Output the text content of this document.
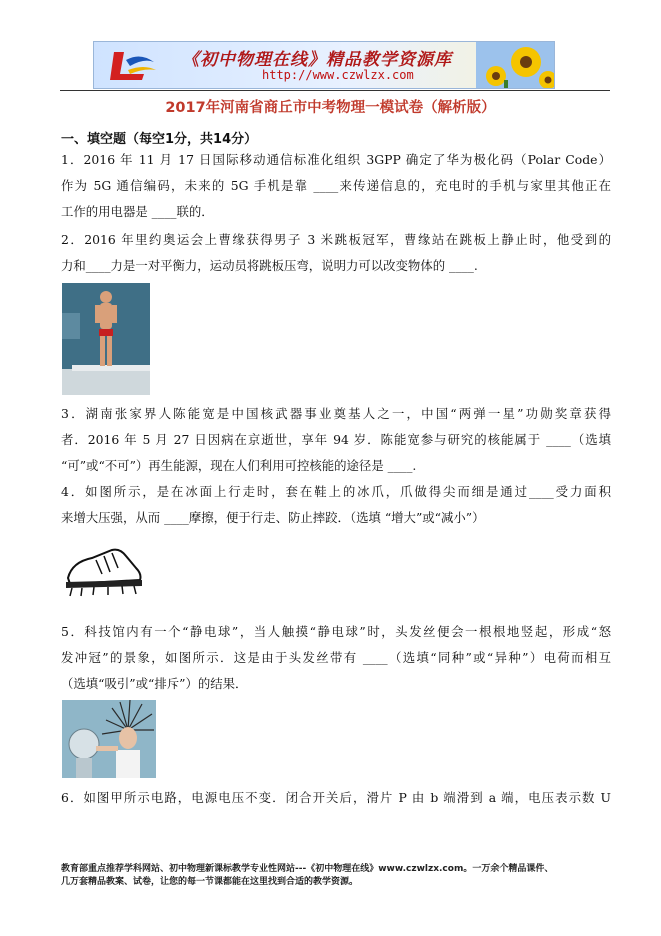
《初中物理在线》精品教学资源库
http://www.czwlzx.com
2017年河南省商丘市中考物理一模试卷（解析版）
一、填空题（每空1分，共14分）
1．2016 年 11 月 17 日国际移动通信标准化组织 3GPP 确定了华为极化码（Polar Code）
作为 5G 通信编码，未来的 5G 手机是靠 ____来传递信息的，充电时的手机与家里其他正在
工作的用电器是 ____联的．
2．2016 年里约奥运会上曹缘获得男子 3 米跳板冠军，曹缘站在跳板上静止时，他受到的
力和____力是一对平衡力，运动员将跳板压弯，说明力可以改变物体的 ____.
3．湖南张家界人陈能宽是中国核武器事业奠基人之一，中国“两弹一星”功勋奖章获得
者．2016 年 5 月 27 日因病在京逝世，享年 94 岁．陈能宽参与研究的核能属于 ____（选填
“可”或“不可”）再生能源，现在人们利用可控核能的途径是 ____.
4．如图所示，是在冰面上行走时，套在鞋上的冰爪，爪做得尖而细是通过____受力面积
来增大压强，从而 ____摩擦，便于行走、防止摔跤．（选填 “增大”或“减小”）
5．科技馆内有一个“静电球”，当人触摸“静电球”时，头发丝便会一根根地竖起，形成“怒
发冲冠”的景象，如图所示．这是由于头发丝带有 ____（选填“同种”或“异种”）电荷而相互
（选填“吸引”或“排斥”）的结果．
6．如图甲所示电路，电源电压不变．闭合开关后，滑片 P 由 b 端滑到 a 端，电压表示数 U
教育部重点推荐学科网站、初中物理新课标教学专业性网站---《初中物理在线》www.czwlzx.com。一万余个精品课件、
几万套精品教案、试卷，让您的每一节课都能在这里找到合适的教学资源。
